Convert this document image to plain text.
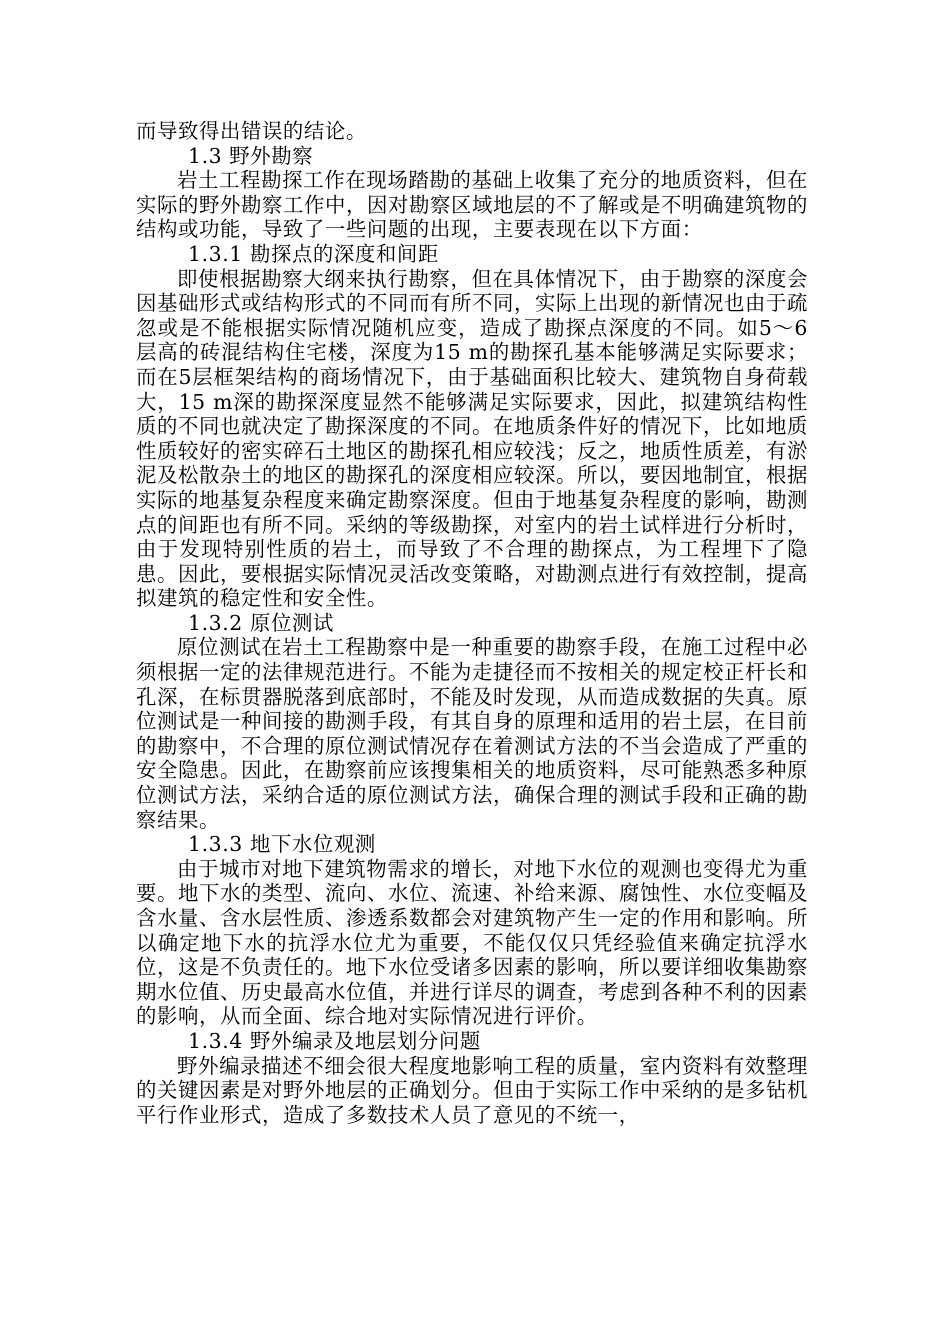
而导致得出错误的结论。

1.3 野外勘察

岩土工程勘探工作在现场踏勘的基础上收集了充分的地质资料，但在实际的野外勘察工作中，因对勘察区域地层的不了解或是不明确建筑物的结构或功能，导致了一些问题的出现，主要表现在以下方面：

1.3.1 勘探点的深度和间距

即使根据勘察大纲来执行勘察，但在具体情况下，由于勘察的深度会因基础形式或结构形式的不同而有所不同，实际上出现的新情况也由于疏忽或是不能根据实际情况随机应变，造成了勘探点深度的不同。如5～6层高的砖混结构住宅楼，深度为15 m的勘探孔基本能够满足实际要求；而在5层框架结构的商场情况下，由于基础面积比较大、建筑物自身荷载大，15 m深的勘探深度显然不能够满足实际要求，因此，拟建筑结构性质的不同也就决定了勘探深度的不同。在地质条件好的情况下，比如地质性质较好的密实碎石土地区的勘探孔相应较浅；反之，地质性质差，有淤泥及松散杂土的地区的勘探孔的深度相应较深。所以，要因地制宜，根据实际的地基复杂程度来确定勘察深度。但由于地基复杂程度的影响，勘测点的间距也有所不同。采纳的等级勘探，对室内的岩土试样进行分析时，由于发现特别性质的岩土，而导致了不合理的勘探点，为工程埋下了隐患。因此，要根据实际情况灵活改变策略，对勘测点进行有效控制，提高拟建筑的稳定性和安全性。

1.3.2 原位测试

原位测试在岩土工程勘察中是一种重要的勘察手段，在施工过程中必须根据一定的法律规范进行。不能为走捷径而不按相关的规定校正杆长和孔深，在标贯器脱落到底部时，不能及时发现，从而造成数据的失真。原位测试是一种间接的勘测手段，有其自身的原理和适用的岩土层，在目前的勘察中，不合理的原位测试情况存在着测试方法的不当会造成了严重的安全隐患。因此，在勘察前应该搜集相关的地质资料，尽可能熟悉多种原位测试方法，采纳合适的原位测试方法，确保合理的测试手段和正确的勘察结果。

1.3.3 地下水位观测

由于城市对地下建筑物需求的增长，对地下水位的观测也变得尤为重要。地下水的类型、流向、水位、流速、补给来源、腐蚀性、水位变幅及含水量、含水层性质、渗透系数都会对建筑物产生一定的作用和影响。所以确定地下水的抗浮水位尤为重要，不能仅仅只凭经验值来确定抗浮水位，这是不负责任的。地下水位受诸多因素的影响，所以要详细收集勘察期水位值、历史最高水位值，并进行详尽的调查，考虑到各种不利的因素的影响，从而全面、综合地对实际情况进行评价。

1.3.4 野外编录及地层划分问题

野外编录描述不细会很大程度地影响工程的质量，室内资料有效整理的关键因素是对野外地层的正确划分。但由于实际工作中采纳的是多钻机平行作业形式，造成了多数技术人员了意见的不统一，
